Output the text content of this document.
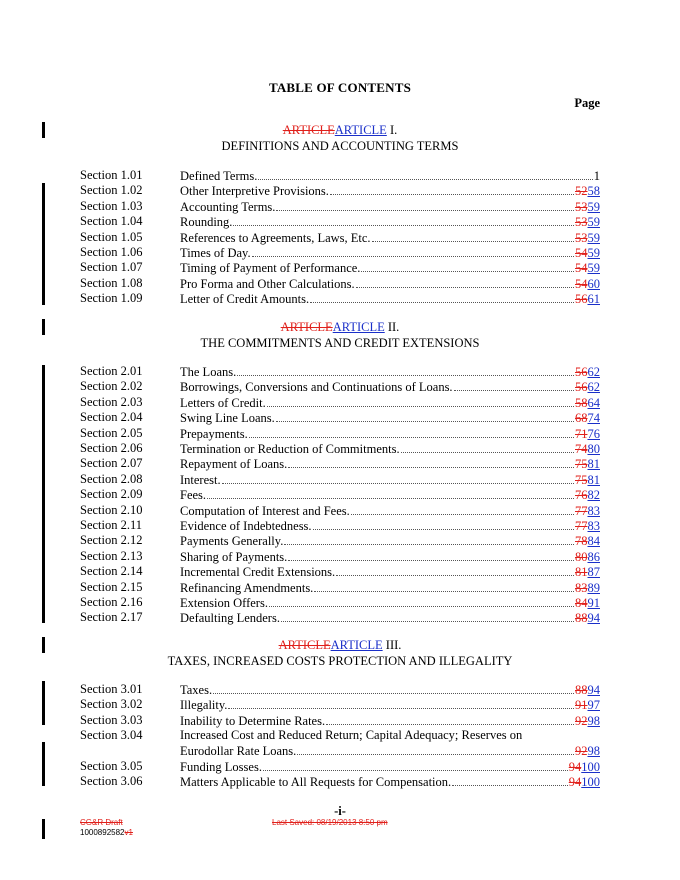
TABLE OF CONTENTS
Page
ARTICLEARTICLE I.
DEFINITIONS AND ACCOUNTING TERMS
Section 1.01	Defined Terms.	1
Section 1.02	Other Interpretive Provisions.	5258
Section 1.03	Accounting Terms.	5359
Section 1.04	Rounding.	5359
Section 1.05	References to Agreements, Laws, Etc.	5359
Section 1.06	Times of Day.	5459
Section 1.07	Timing of Payment of Performance.	5459
Section 1.08	Pro Forma and Other Calculations.	5460
Section 1.09	Letter of Credit Amounts.	5661
ARTICLEARTICLE II.
THE COMMITMENTS AND CREDIT EXTENSIONS
Section 2.01	The Loans.	5662
Section 2.02	Borrowings, Conversions and Continuations of Loans.	5662
Section 2.03	Letters of Credit.	5864
Section 2.04	Swing Line Loans.	6874
Section 2.05	Prepayments.	7176
Section 2.06	Termination or Reduction of Commitments.	7480
Section 2.07	Repayment of Loans.	7581
Section 2.08	Interest.	7581
Section 2.09	Fees.	7682
Section 2.10	Computation of Interest and Fees.	7783
Section 2.11	Evidence of Indebtedness.	7783
Section 2.12	Payments Generally.	7884
Section 2.13	Sharing of Payments.	8086
Section 2.14	Incremental Credit Extensions.	8187
Section 2.15	Refinancing Amendments.	8389
Section 2.16	Extension Offers.	8491
Section 2.17	Defaulting Lenders.	8894
ARTICLEARTICLE III.
TAXES, INCREASED COSTS PROTECTION AND ILLEGALITY
Section 3.01	Taxes.	8894
Section 3.02	Illegality.	9197
Section 3.03	Inability to Determine Rates.	9298
Section 3.04	Increased Cost and Reduced Return; Capital Adequacy; Reserves on
Eurodollar Rate Loans.	9298
Section 3.05	Funding Losses.	94100
Section 3.06	Matters Applicable to All Requests for Compensation.	94100
-i-
CG&R Draft
1000892582v1
Last Saved: 08/19/2013 8:50 pm
